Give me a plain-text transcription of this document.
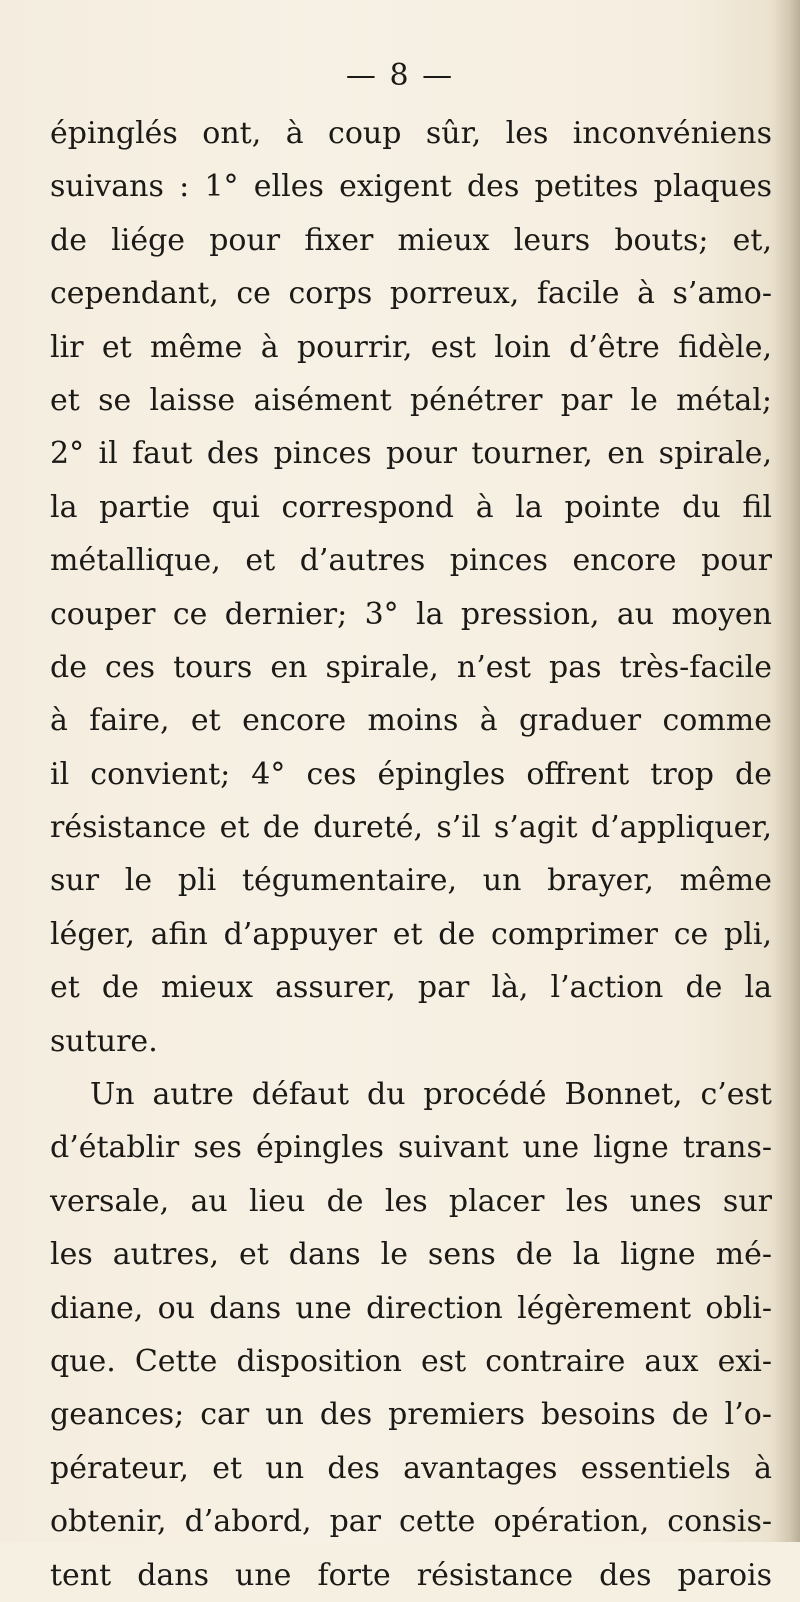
— 8 —
épinglés ont, à coup sûr, les inconvéniens
suivans : 1° elles exigent des petites plaques
de liége pour fixer mieux leurs bouts; et,
cependant, ce corps porreux, facile à s’amo-
lir et même à pourrir, est loin d’être fidèle,
et se laisse aisément pénétrer par le métal;
2° il faut des pinces pour tourner, en spirale,
la partie qui correspond à la pointe du fil
métallique, et d’autres pinces encore pour
couper ce dernier; 3° la pression, au moyen
de ces tours en spirale, n’est pas très-facile
à faire, et encore moins à graduer comme
il convient; 4° ces épingles offrent trop de
résistance et de dureté, s’il s’agit d’appliquer,
sur le pli tégumentaire, un brayer, même
léger, afin d’appuyer et de comprimer ce pli,
et de mieux assurer, par là, l’action de la
suture.
Un autre défaut du procédé Bonnet, c’est
d’établir ses épingles suivant une ligne trans-
versale, au lieu de les placer les unes sur
les autres, et dans le sens de la ligne mé-
diane, ou dans une direction légèrement obli-
que. Cette disposition est contraire aux exi-
geances; car un des premiers besoins de l’o-
pérateur, et un des avantages essentiels à
obtenir, d’abord, par cette opération, consis-
tent dans une forte résistance des parois
